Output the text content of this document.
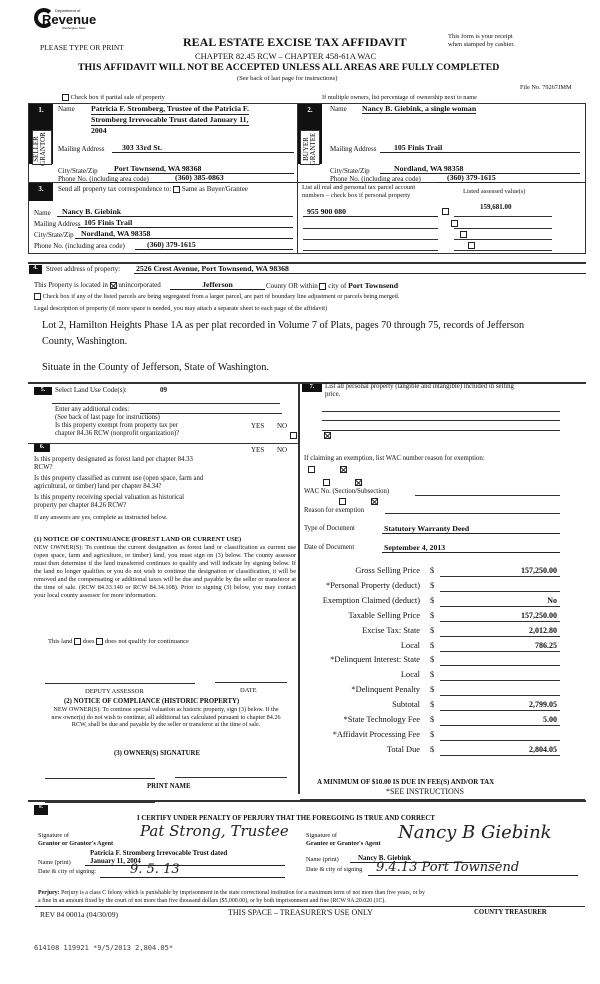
Department of
Revenue
Washington State
PLEASE TYPE OR PRINT	REAL ESTATE EXCISE TAX AFFIDAVIT
CHAPTER 82.45 RCW – CHAPTER 458-61A WAC
This form is your receipt
when stamped by cashier.
THIS AFFIDAVIT WILL NOT BE ACCEPTED UNLESS ALL AREAS ARE FULLY COMPLETED
(See back of last page for instructions)
File No. 79267JMM
Check box if partial sale of property	If multiple owners, list percentage of ownership next to name
1.
SELLER GRANTOR
Name Patricia F. Stromberg, Trustee of the Patricia F.
Stromberg Irrevocable Trust dated January 11,
2004
Mailing Address	303 33rd St.
City/State/Zip	Port Townsend, WA 98368
Phone No. (including area code)	(360) 385-0863
2.
BUYER GRANTEE
Name Nancy B. Giebink, a single woman
Mailing Address	105 Finis Trail
City/State/Zip	Nordland, WA 98358
Phone No. (including area code)	(360) 379-1615
3.	Send all property tax correspondence to: Same as Buyer/Grantee
Name	Nancy B. Giebink
Mailing Address 105 Finis Trail
City/State/Zip Nordland, WA 98358
Phone No. (including area code)	(360) 379-1615
List all real and personal tax parcel account
numbers – check box if personal property
Listed assessed value(s)
955 900 080	159,681.00

4.	Street address of property: 2526 Crest Avenue, Port Townsend, WA 98368
This Property is located in unincorporated	Jefferson	County OR within city of Port Townsend
Check box if any of the listed parcels are being segregated from a larger parcel, are part of boundary line adjustment or parcels being merged.
Legal description of property (if more space is needed, you may attach a separate sheet to each page of the affidavit)
Lot 2, Hamilton Heights Phase 1A as per plat recorded in Volume 7 of Plats, pages 70 through 75, records of Jefferson
County, Washington.
Situate in the County of Jefferson, State of Washington.
5.	Select Land Use Code(s):	09
Enter any additional codes:
(See back of last page for instructions)
Is this property exempt from property tax per
chapter 84.36 RCW (nonprofit organization)?
YES NO

6.	YES NO
Is this property designated as forest land per chapter 84.33
RCW?
Is this property classified as current use (open space, farm and
agricultural, or timber) land per chapter 84.34?
Is this property receiving special valuation as historical
property per chapter 84.26 RCW?

If any answers are yes, complete as instructed below.
(1) NOTICE OF CONTINUANCE (FOREST LAND OR CURRENT USE)
NEW OWNER(S): To continue the current designation as forest land or classification as current use (open space, farm and agriculture, or timber) land, you must sign on (3) below. The county assessor must then determine if the land transferred continues to qualify and will indicate by signing below. If the land no longer qualifies or you do not wish to continue the designation or classification, it will be removed and the compensating or additional taxes will be due and payable by the seller or transferor at the time of sale. (RCW 84.33.140 or RCW 84.34.108). Prior to signing (3) below, you may contact your local county assessor for more information.
This land does does not qualify for continuance
DEPUTY ASSESSOR	DATE
(2) NOTICE OF COMPLIANCE (HISTORIC PROPERTY)
NEW OWNER(S): To continue special valuation as historic property, sign (3) below. If the new owner(s) do not wish to continue, all additional tax calculated pursuant to chapter 84.26 RCW, shall be due and payable by the seller or transferor at the time of sale.
(3) OWNER(S) SIGNATURE
PRINT NAME
7.	List all personal property (tangible and intangible) included in selling
price.
If claiming an exemption, list WAC number reason for exemption:
WAC No. (Section/Subsection)
Reason for exemption
Type of Document	Statutory Warranty Deed
Date of Document	September 4, 2013
Gross Selling Price $	157,250.00
*Personal Property (deduct) $
Exemption Claimed (deduct) $	No
Taxable Selling Price $	157,250.00
Excise Tax: State $	2,012.80
Local $	786.25
*Delinquent Interest: State $
Local $
*Delinquent Penalty $
Subtotal $	2,799.05
*State Technology Fee $	5.00
*Affidavit Processing Fee $
Total Due $	2,804.05
A MINIMUM OF $10.00 IS DUE IN FEE(S) AND/OR TAX
*SEE INSTRUCTIONS
8.
I CERTIFY UNDER PENALTY OF PERJURY THAT THE FOREGOING IS TRUE AND CORRECT
Signature of
Grantor or Grantor's Agent
Pat Strong, Trustee
Patricia F. Stromberg Irrevocable Trust dated
Name (print)	January 11, 2004
Date & city of signing:	9. 5. 13
Signature of
Grantee or Grantee's Agent
Nancy B Giebink
Name (print)	Nancy B. Giebink
Date & city of signing	9.4.13 Port Townsend
Perjury: Perjury is a class C felony which is punishable by imprisonment in the state correctional institution for a maximum term of not more than five years, or by
a fine in an amount fixed by the court of not more than five thousand dollars ($5,000.00), or by both imprisonment and fine (RCW 9A.20.020 (1C).
REV 84 0001a (04/30/09)	THIS SPACE – TREASURER'S USE ONLY	COUNTY TREASURER
614108 119921 *9/5/2013 2,804.05*
